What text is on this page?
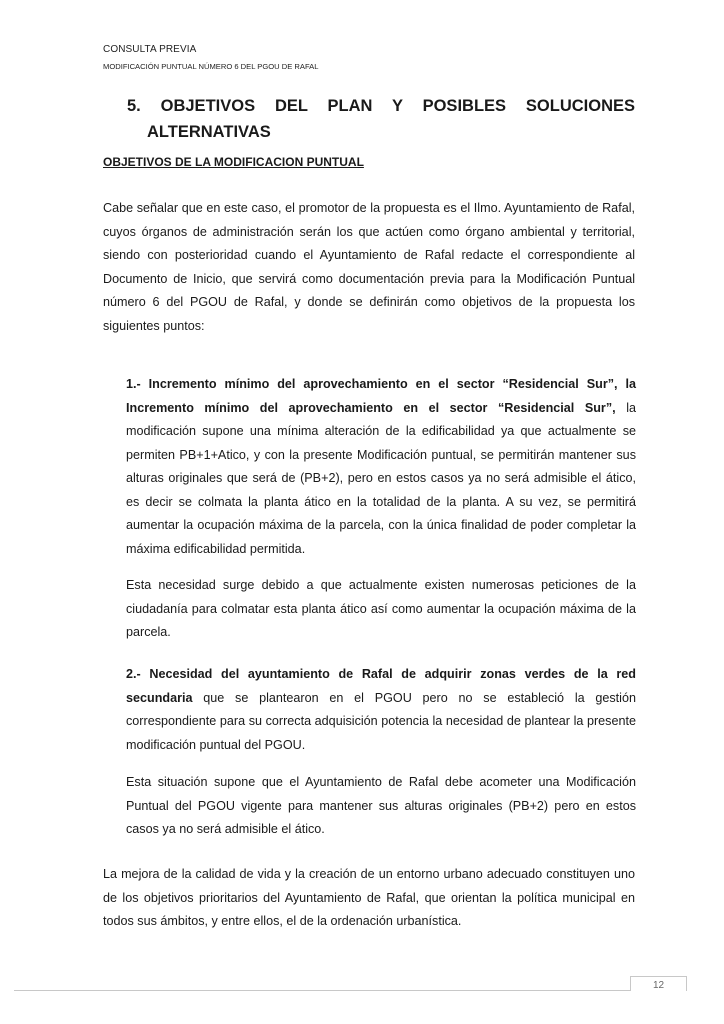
CONSULTA PREVIA
MODIFICACIÓN PUNTUAL NÚMERO 6 DEL PGOU DE RAFAL
5. OBJETIVOS DEL PLAN Y POSIBLES SOLUCIONES
ALTERNATIVAS
OBJETIVOS DE LA MODIFICACION PUNTUAL

Cabe señalar que en este caso, el promotor de la propuesta es el Ilmo. Ayuntamiento de Rafal, cuyos órganos de administración serán los que actúen como órgano ambiental y territorial, siendo con posterioridad cuando el Ayuntamiento de Rafal redacte el correspondiente al Documento de Inicio, que servirá como documentación previa para la Modificación Puntual número 6 del PGOU de Rafal, y donde se definirán como objetivos de la propuesta los siguientes puntos:

1.- Incremento mínimo del aprovechamiento en el sector “Residencial Sur”, la Incremento mínimo del aprovechamiento en el sector “Residencial Sur”, la modificación supone una mínima alteración de la edificabilidad ya que actualmente se permiten PB+1+Atico, y con la presente Modificación puntual, se permitirán mantener sus alturas originales que será de (PB+2), pero en estos casos ya no será admisible el ático, es decir se colmata la planta ático en la totalidad de la planta. A su vez, se permitirá aumentar la ocupación máxima de la parcela, con la única finalidad de poder completar la máxima edificabilidad permitida.

Esta necesidad surge debido a que actualmente existen numerosas peticiones de la ciudadanía para colmatar esta planta ático así como aumentar la ocupación máxima de la parcela.

2.- Necesidad del ayuntamiento de Rafal de adquirir zonas verdes de la red secundaria que se plantearon en el PGOU pero no se estableció la gestión correspondiente para su correcta adquisición potencia la necesidad de plantear la presente modificación puntual del PGOU.

Esta situación supone que el Ayuntamiento de Rafal debe acometer una Modificación Puntual del PGOU vigente para mantener sus alturas originales (PB+2) pero en estos casos ya no será admisible el ático.

La mejora de la calidad de vida y la creación de un entorno urbano adecuado constituyen uno de los objetivos prioritarios del Ayuntamiento de Rafal, que orientan la política municipal en todos sus ámbitos, y entre ellos, el de la ordenación urbanística.

12
